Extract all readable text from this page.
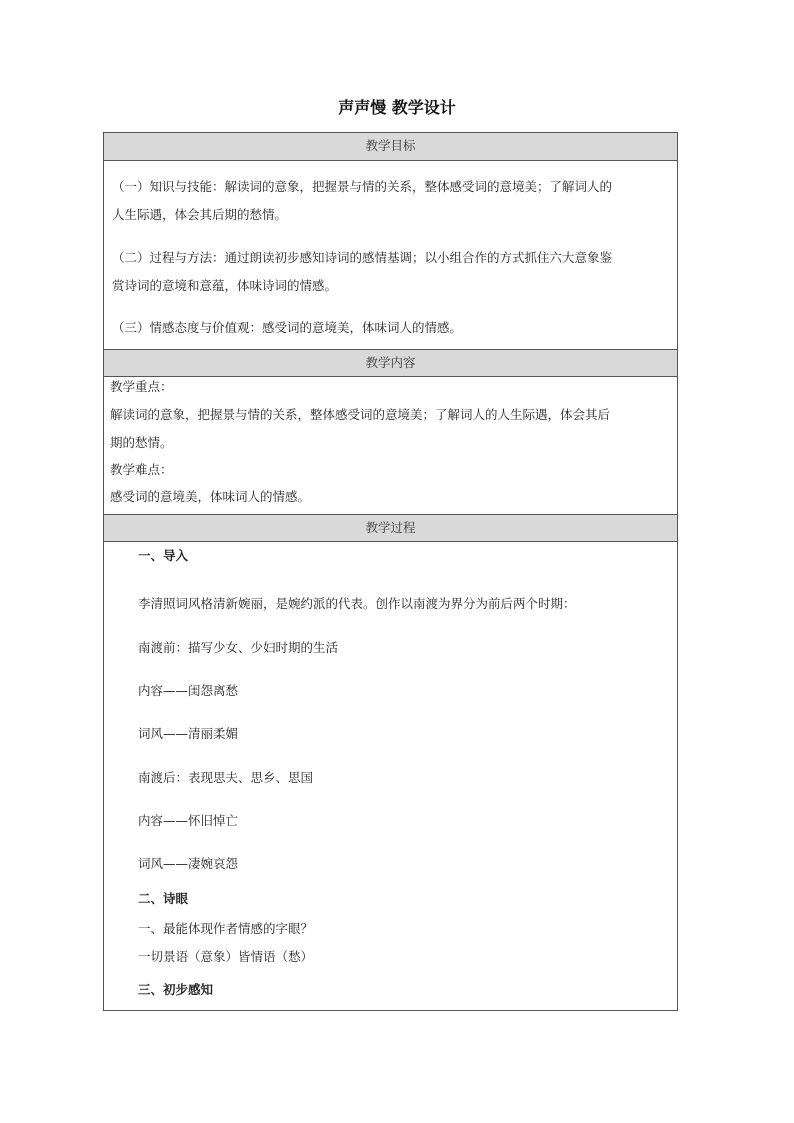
声声慢 教学设计
教学目标
（一）知识与技能：解读词的意象，把握景与情的关系，整体感受词的意境美；了解词人的
人生际遇，体会其后期的愁情。
（二）过程与方法：通过朗读初步感知诗词的感情基调；以小组合作的方式抓住六大意象鉴
赏诗词的意境和意蕴，体味诗词的情感。
（三）情感态度与价值观：感受词的意境美，体味词人的情感。
教学内容
教学重点：
解读词的意象，把握景与情的关系，整体感受词的意境美；了解词人的人生际遇，体会其后
期的愁情。
教学难点：
感受词的意境美，体味词人的情感。
教学过程
一、导入
李清照词风格清新婉丽，是婉约派的代表。创作以南渡为界分为前后两个时期：
南渡前：描写少女、少妇时期的生活
内容——闺怨离愁
词风——清丽柔媚
南渡后：表现思夫、思乡、思国
内容——怀旧悼亡
词风——凄婉哀怨
二、诗眼
一、最能体现作者情感的字眼？
一切景语（意象）皆情语（愁）
三、初步感知
